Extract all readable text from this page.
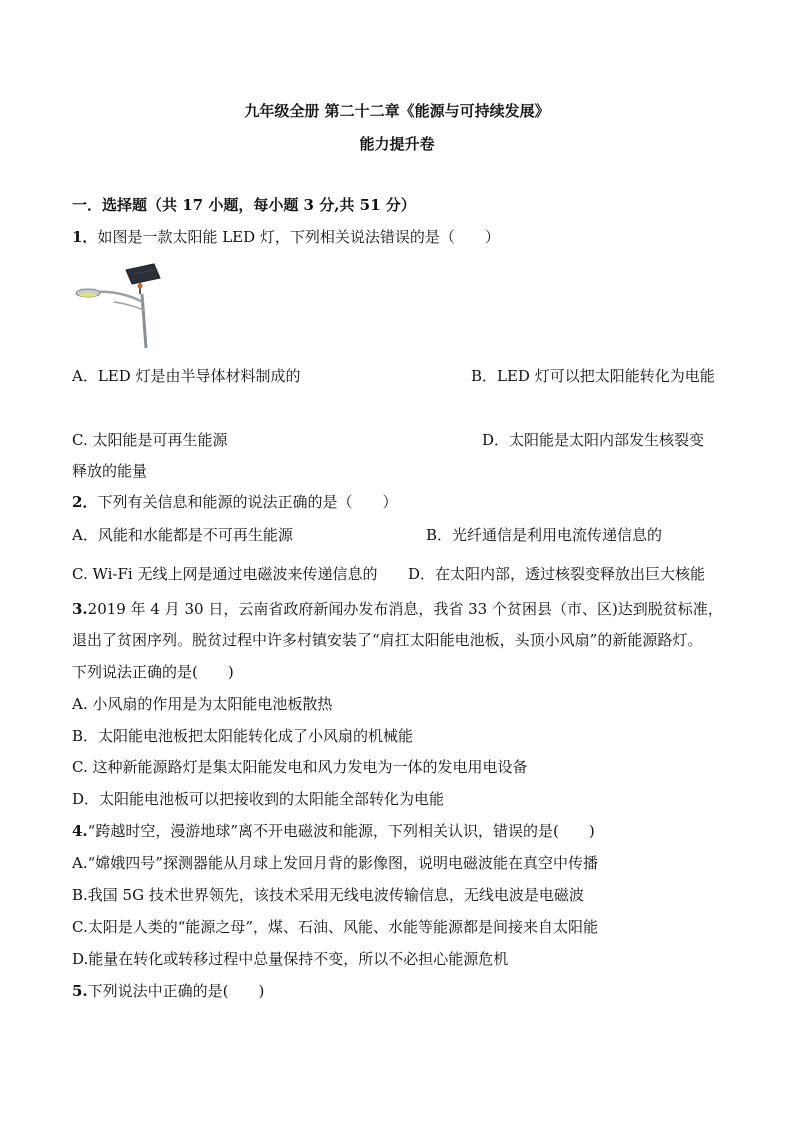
九年级全册 第二十二章《能源与可持续发展》
能力提升卷
一．选择题（共 17 小题，每小题 3 分,共 51 分）
1．如图是一款太阳能 LED 灯，下列相关说法错误的是（　　）
A．LED 灯是由半导体材料制成的	B．LED 灯可以把太阳能转化为电能
C. 太阳能是可再生能源	D．太阳能是太阳内部发生核裂变
释放的能量
2．下列有关信息和能源的说法正确的是（　　）
A．风能和水能都是不可再生能源	B．光纤通信是利用电流传递信息的
C. Wi-Fi 无线上网是通过电磁波来传递信息的 D．在太阳内部，透过核裂变释放出巨大核能
3.2019 年 4 月 30 日，云南省政府新闻办发布消息，我省 33 个贫困县（市、区)达到脱贫标准，
退出了贫困序列。脱贫过程中许多村镇安装了“肩扛太阳能电池板，头顶小风扇”的新能源路灯。
下列说法正确的是(　　)
A. 小风扇的作用是为太阳能电池板散热
B．太阳能电池板把太阳能转化成了小风扇的机械能
C. 这种新能源路灯是集太阳能发电和风力发电为一体的发电用电设备
D．太阳能电池板可以把接收到的太阳能全部转化为电能
4.“跨越时空，漫游地球”离不开电磁波和能源，下列相关认识，错误的是(　　)
A.“嫦娥四号”探测器能从月球上发回月背的影像图，说明电磁波能在真空中传播
B.我国 5G 技术世界领先，该技术采用无线电波传输信息，无线电波是电磁波
C.太阳是人类的“能源之母”，煤、石油、风能、水能等能源都是间接来自太阳能
D.能量在转化或转移过程中总量保持不变，所以不必担心能源危机
5.下列说法中正确的是(　　)
